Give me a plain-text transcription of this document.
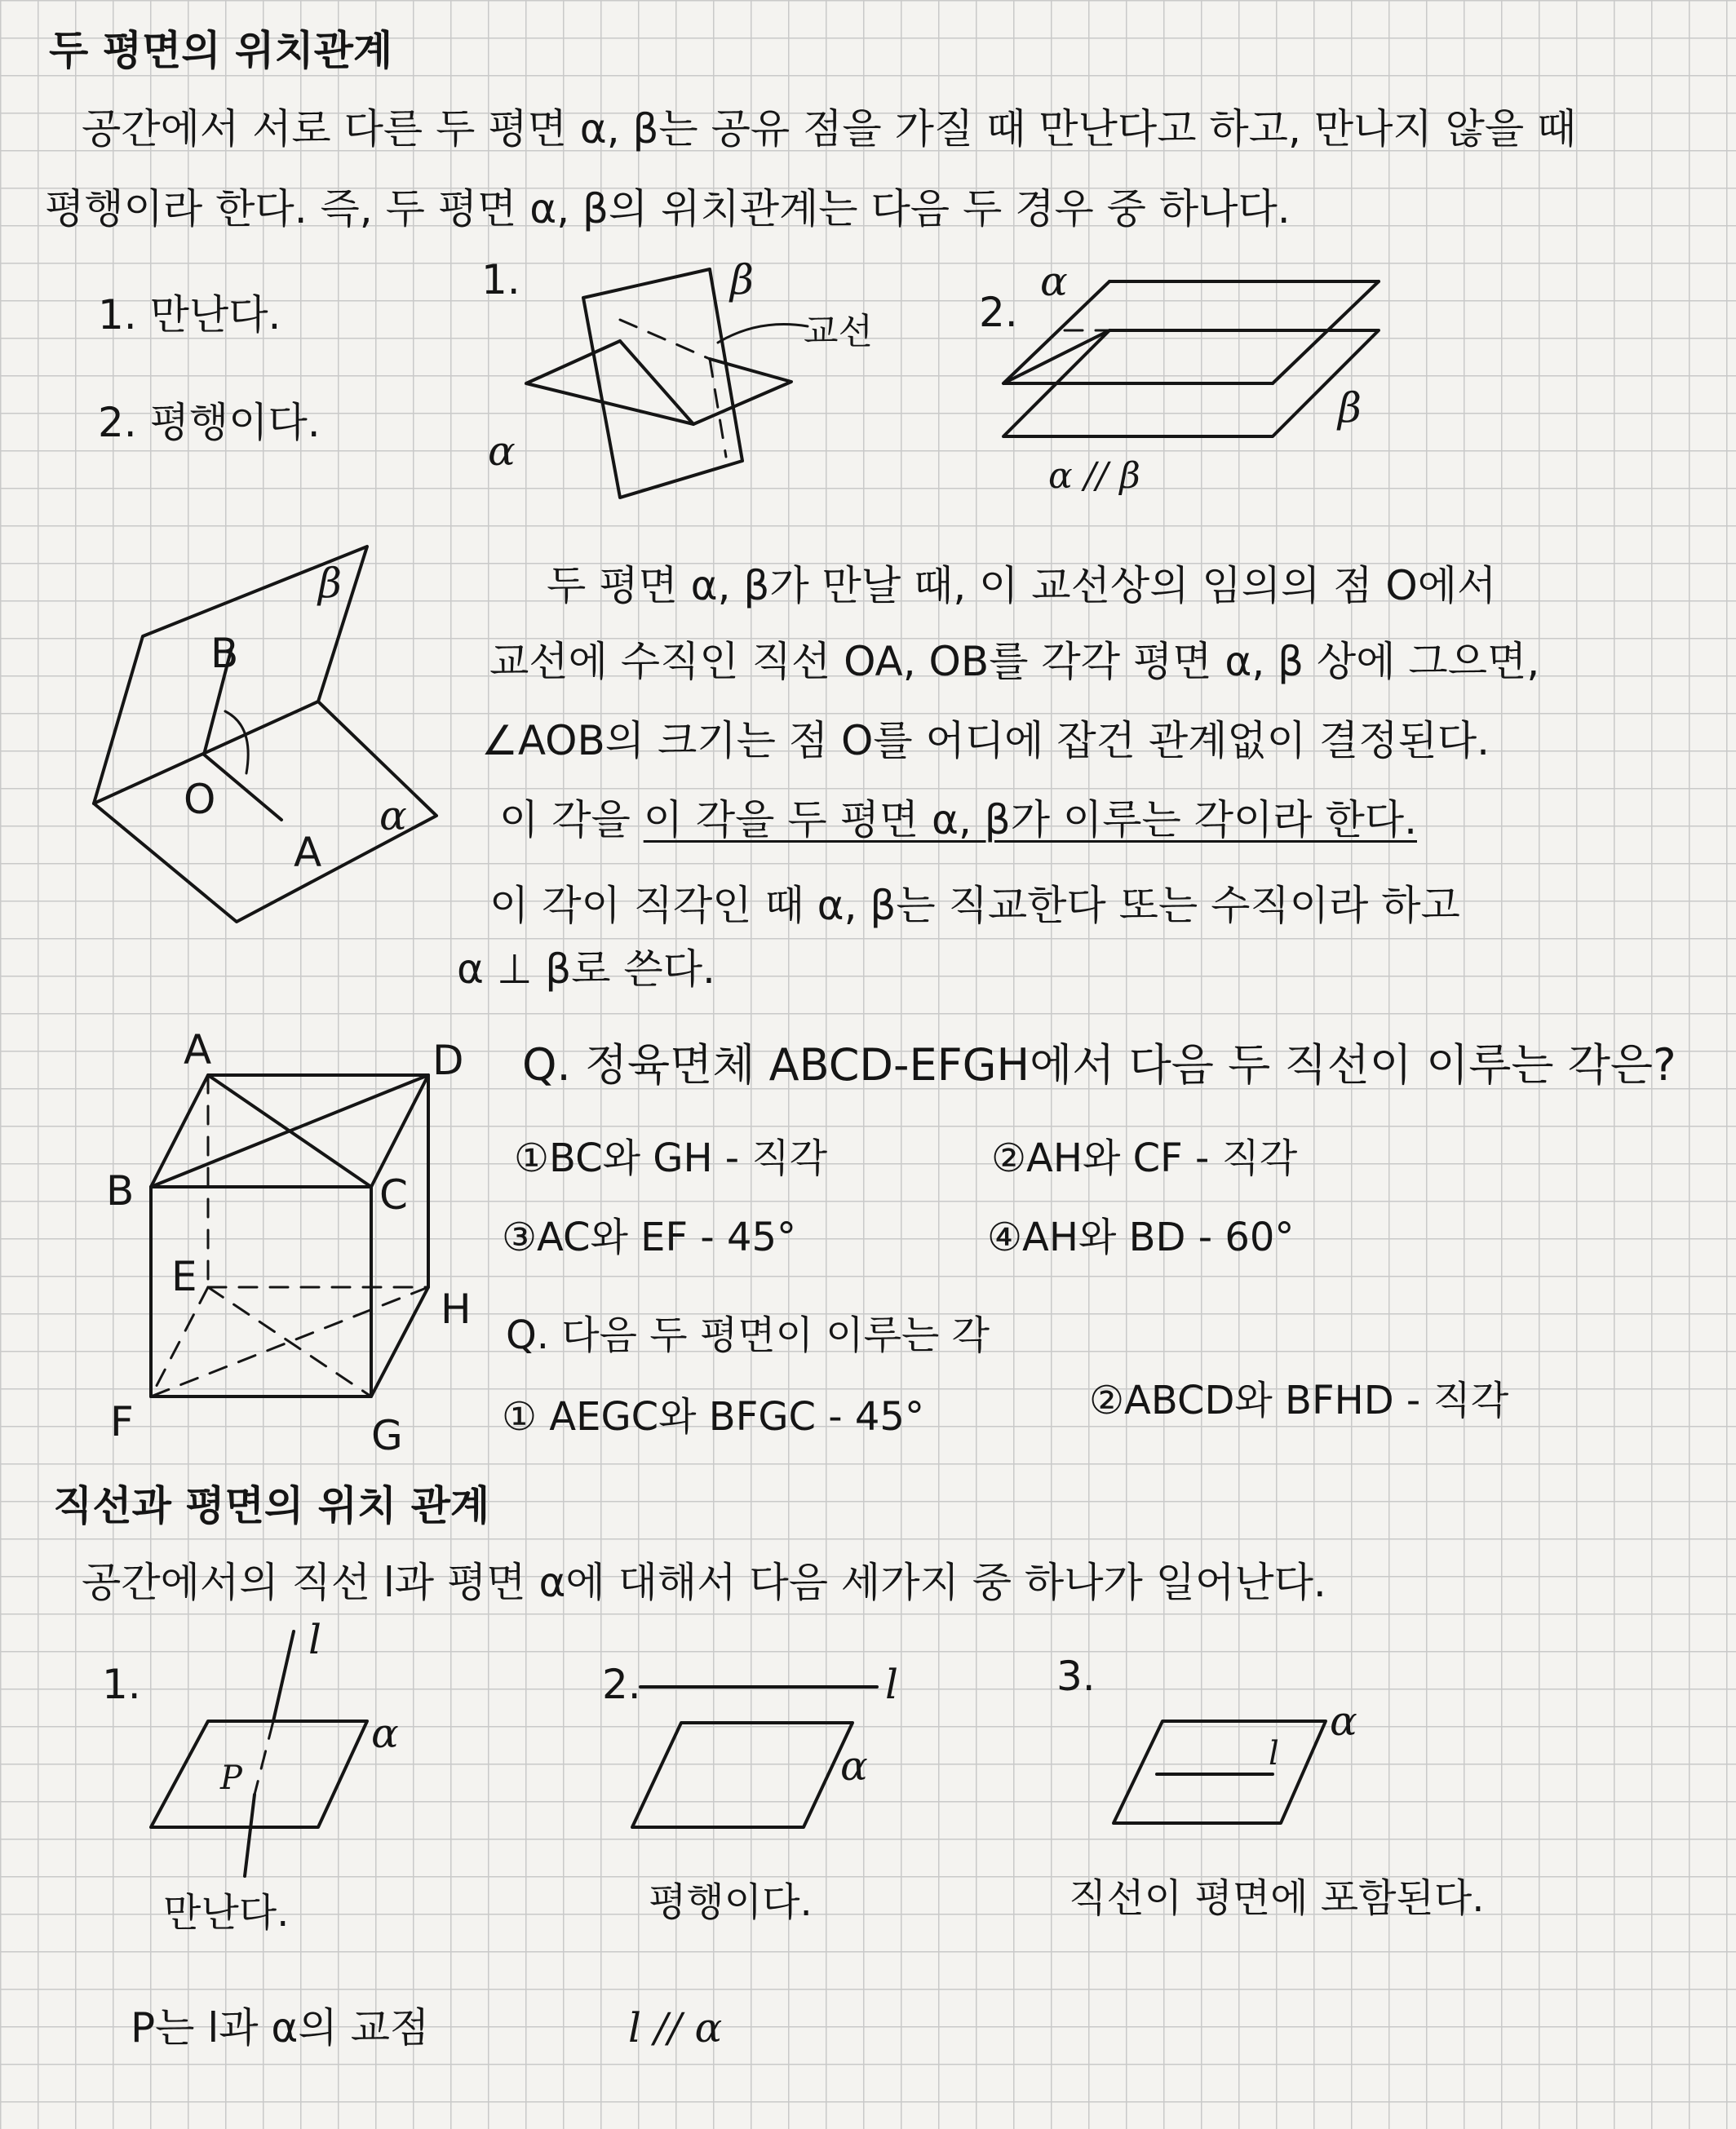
두 평면의 위치관계
공간에서 서로 다른 두 평면 α, β는 공유 점을 가질 때 만난다고 하고, 만나지 않을 때
평행이라 한다. 즉, 두 평면 α, β의 위치관계는 다음 두 경우 중 하나다.
1. 만난다.
2. 평행이다.
1.	β
교선
α
2.
α
β
α // β
β
B
O
A
α
두 평면 α, β가 만날 때, 이 교선상의 임의의 점 O에서
교선에 수직인 직선 OA, OB를 각각 평면 α, β 상에 그으면,
∠AOB의 크기는 점 O를 어디에 잡건 관계없이 결정된다.
이 각을 이 각을 두 평면 α, β가 이루는 각이라 한다.
이 각이 직각인 때 α, β는 직교한다 또는 수직이라 하고
α ⊥ β로 쓴다.
A	D
B	C
E
H
F	G
Q. 정육면체 ABCD-EFGH에서 다음 두 직선이 이루는 각은?
①BC와 GH - 직각	②AH와 CF - 직각
③AC와 EF - 45°	④AH와 BD - 60°
Q. 다음 두 평면이 이루는 각
① AEGC와 BFGC - 45°	②ABCD와 BFHD - 직각
직선과 평면의 위치 관계
공간에서의 직선 l과 평면 α에 대해서 다음 세가지 중 하나가 일어난다.
1.
l
α
P
만난다.
2.	l
α
평행이다.
3.
l
α
직선이 평면에 포함된다.
P는 l과 α의 교점	l // α
